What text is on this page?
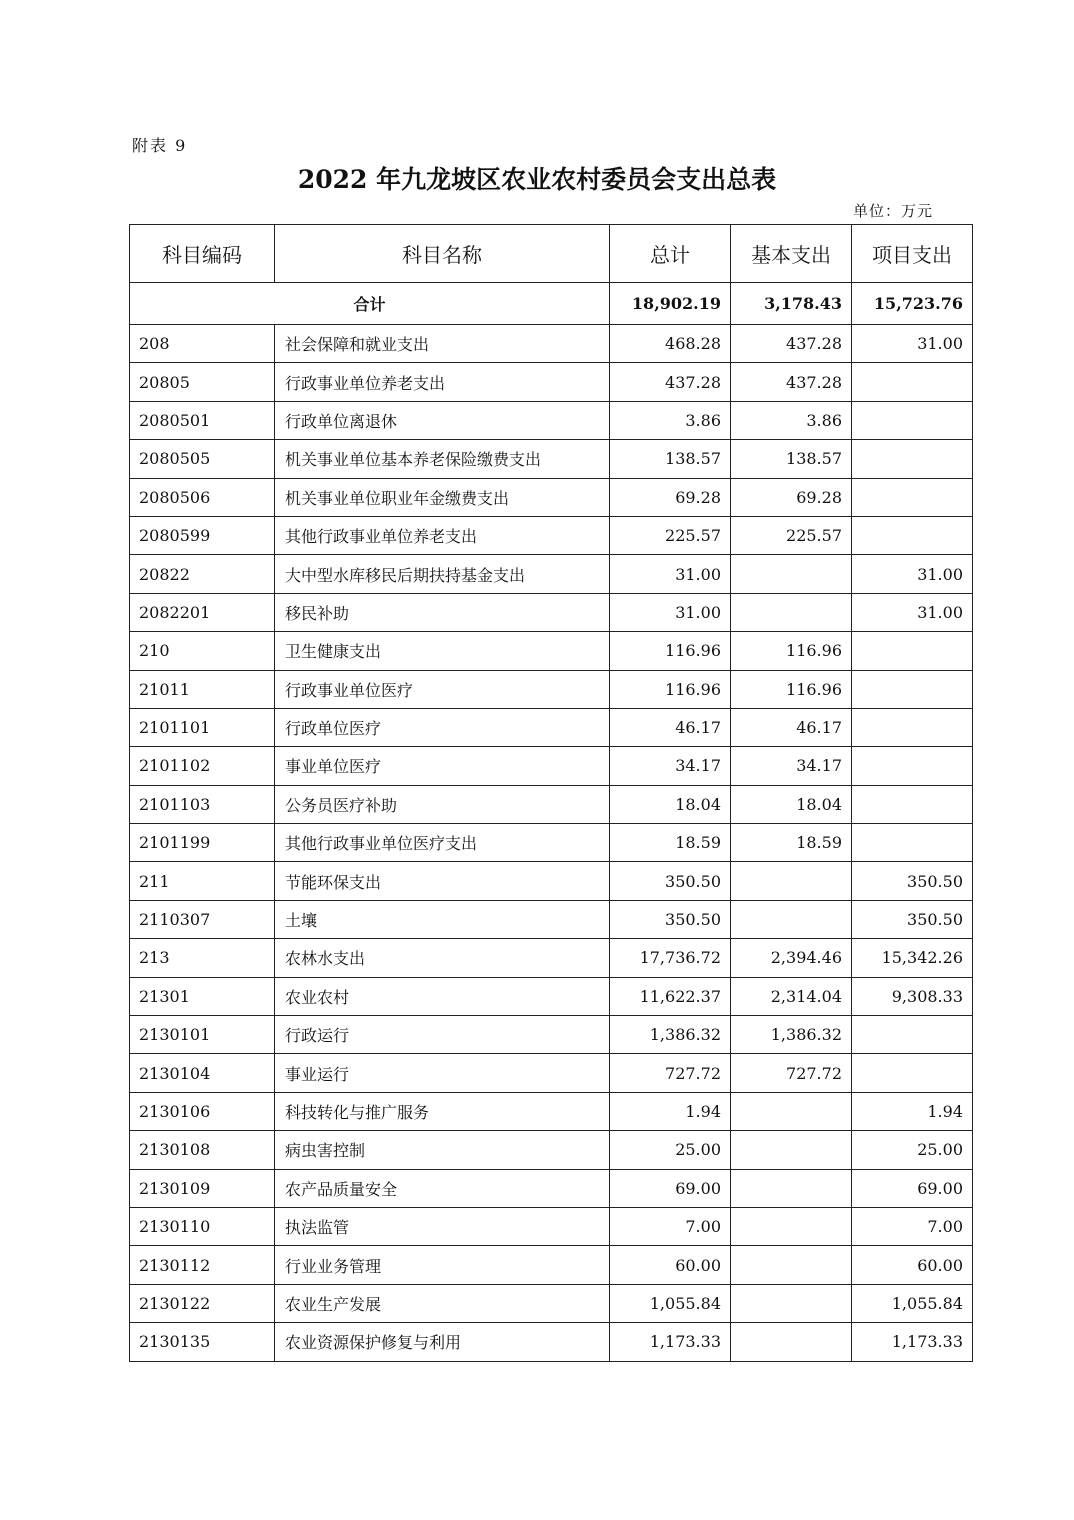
附表 9
2022 年九龙坡区农业农村委员会支出总表
单位：万元
科目编码	科目名称	总计	基本支出	项目支出
合计		18,902.19	3,178.43	15,723.76
208	社会保障和就业支出	468.28	437.28	31.00
20805	行政事业单位养老支出	437.28	437.28	
2080501	行政单位离退休	3.86	3.86	
2080505	机关事业单位基本养老保险缴费支出	138.57	138.57	
2080506	机关事业单位职业年金缴费支出	69.28	69.28	
2080599	其他行政事业单位养老支出	225.57	225.57	
20822	大中型水库移民后期扶持基金支出	31.00		31.00
2082201	移民补助	31.00		31.00
210	卫生健康支出	116.96	116.96	
21011	行政事业单位医疗	116.96	116.96	
2101101	行政单位医疗	46.17	46.17	
2101102	事业单位医疗	34.17	34.17	
2101103	公务员医疗补助	18.04	18.04	
2101199	其他行政事业单位医疗支出	18.59	18.59	
211	节能环保支出	350.50		350.50
2110307	土壤	350.50		350.50
213	农林水支出	17,736.72	2,394.46	15,342.26
21301	农业农村	11,622.37	2,314.04	9,308.33
2130101	行政运行	1,386.32	1,386.32	
2130104	事业运行	727.72	727.72	
2130106	科技转化与推广服务	1.94		1.94
2130108	病虫害控制	25.00		25.00
2130109	农产品质量安全	69.00		69.00
2130110	执法监管	7.00		7.00
2130112	行业业务管理	60.00		60.00
2130122	农业生产发展	1,055.84		1,055.84
2130135	农业资源保护修复与利用	1,173.33		1,173.33
